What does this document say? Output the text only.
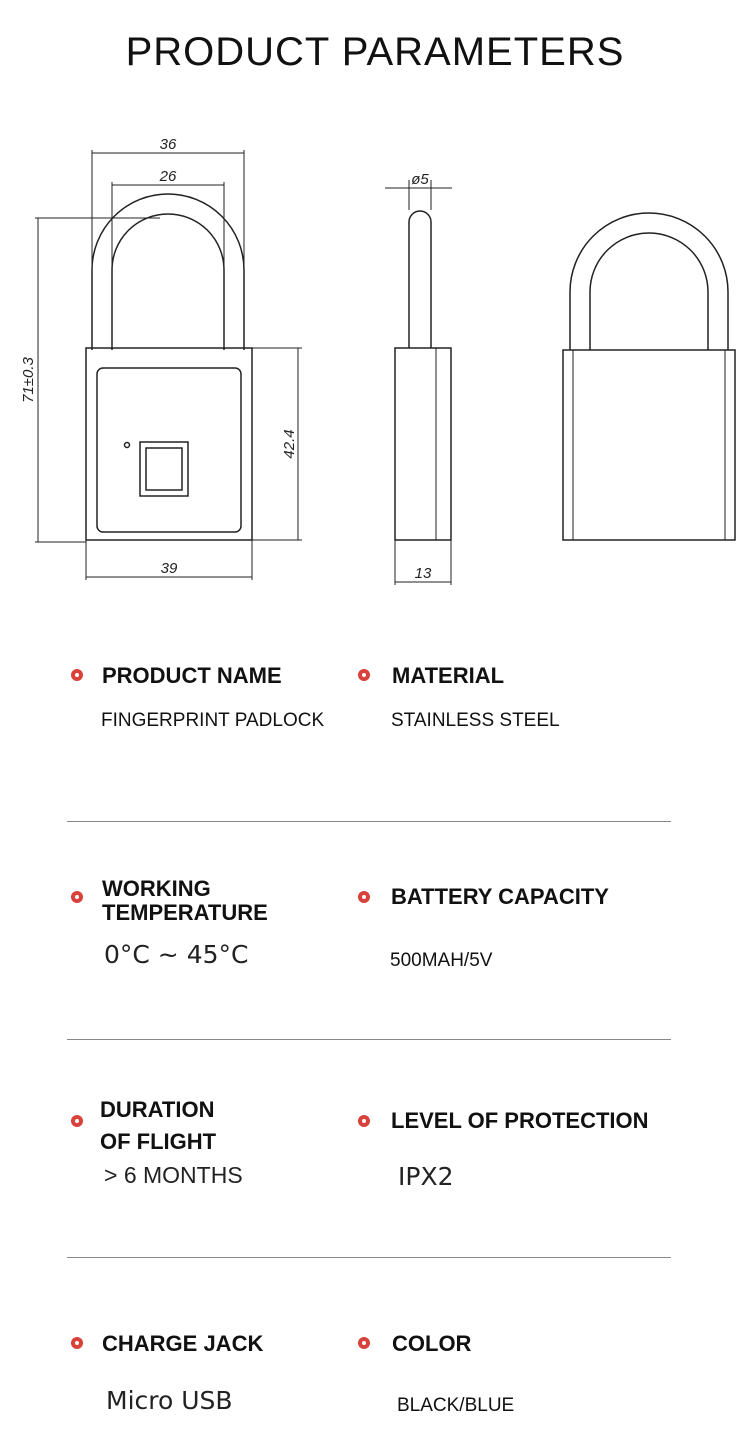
PRODUCT PARAMETERS
36
26
71±0.3
42.4
39
ø5
13
PRODUCT NAME
FINGERPRINT PADLOCK
MATERIAL
STAINLESS STEEL
WORKING
TEMPERATURE
0°C ~ 45°C
BATTERY CAPACITY
500MAH/5V
DURATION
OF FLIGHT
> 6 MONTHS
LEVEL OF PROTECTION
IPX2
CHARGE JACK
Micro USB
COLOR
BLACK/BLUE
